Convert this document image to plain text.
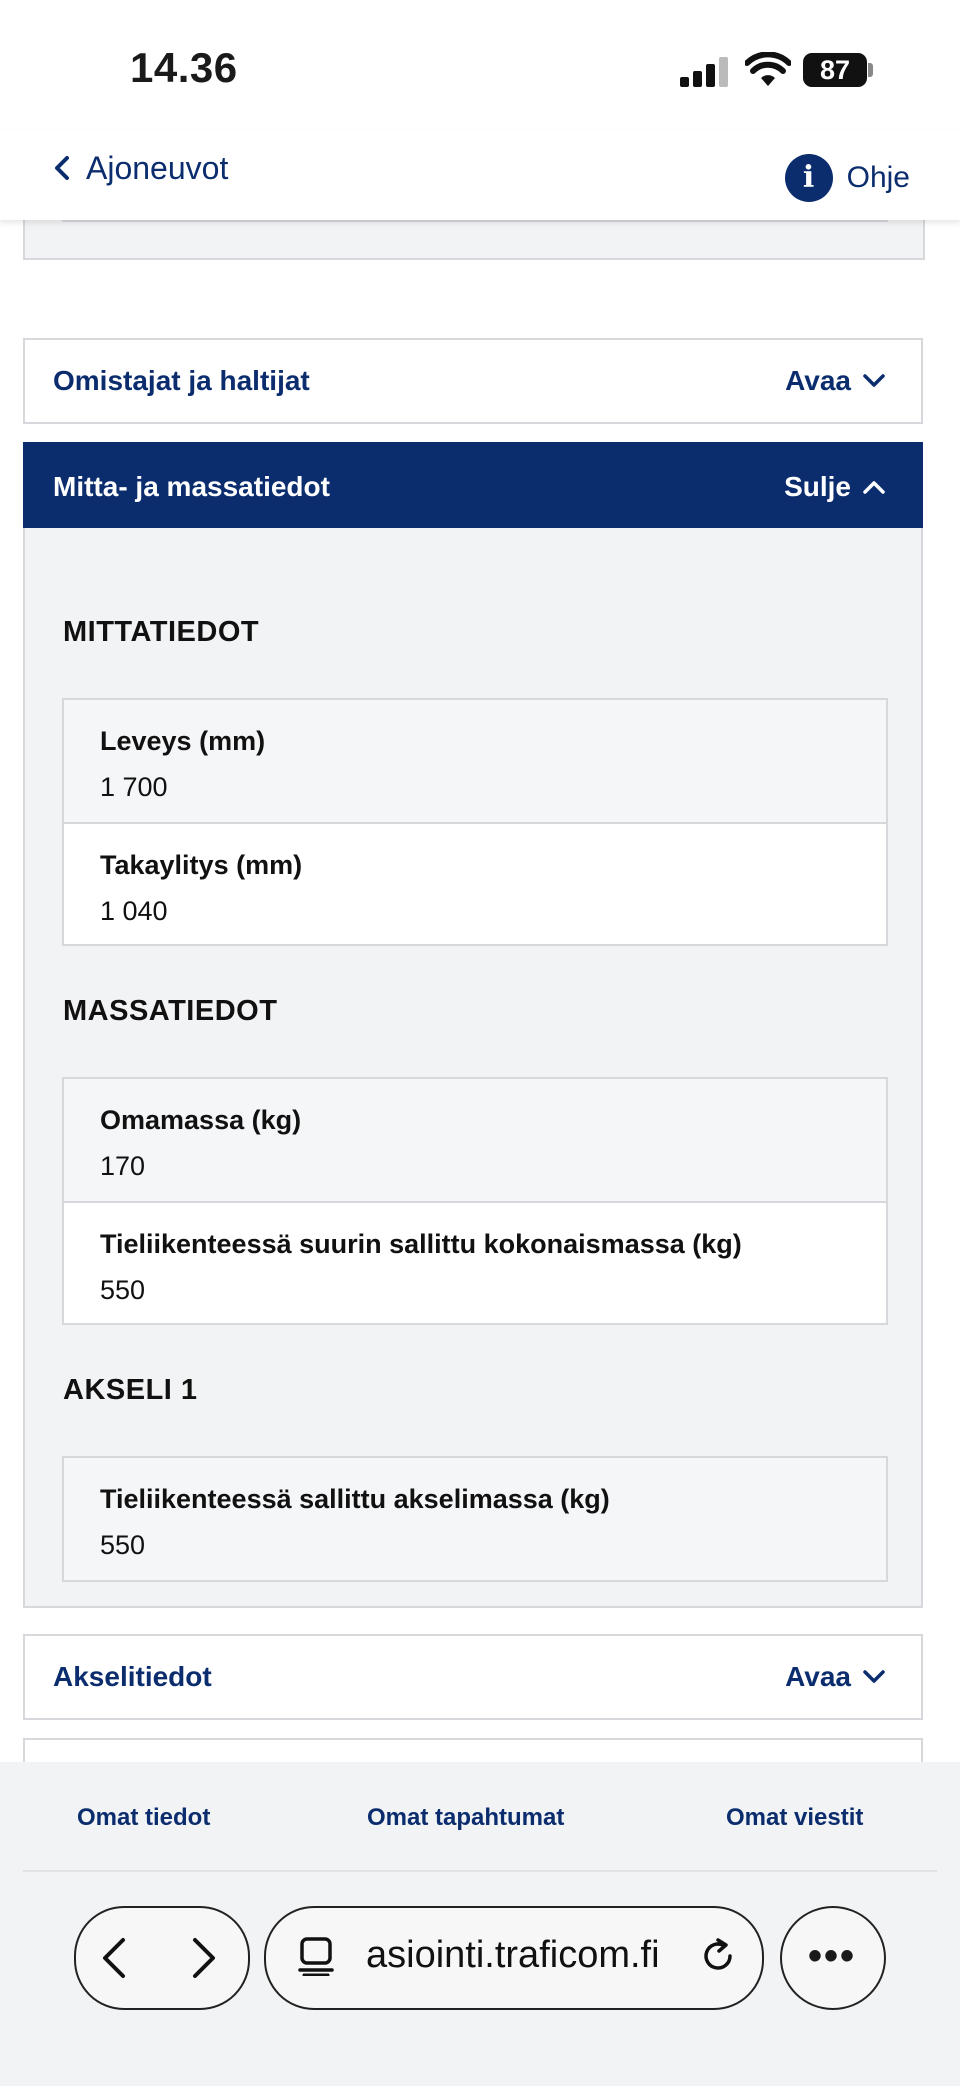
14.36	87
Ajoneuvot	i	Ohje
Omistajat ja haltijat	Avaa
Mitta- ja massatiedot	Sulje
MITTATIEDOT
Leveys (mm)
1 700
Takaylitys (mm)
1 040
MASSATIEDOT
Omamassa (kg)
170
Tieliikenteessä suurin sallittu kokonaismassa (kg)
550
AKSELI 1
Tieliikenteessä sallittu akselimassa (kg)
550
Akselitiedot	Avaa
Omat tiedot	Omat tapahtumat	Omat viestit
asiointi.traficom.fi	•••
